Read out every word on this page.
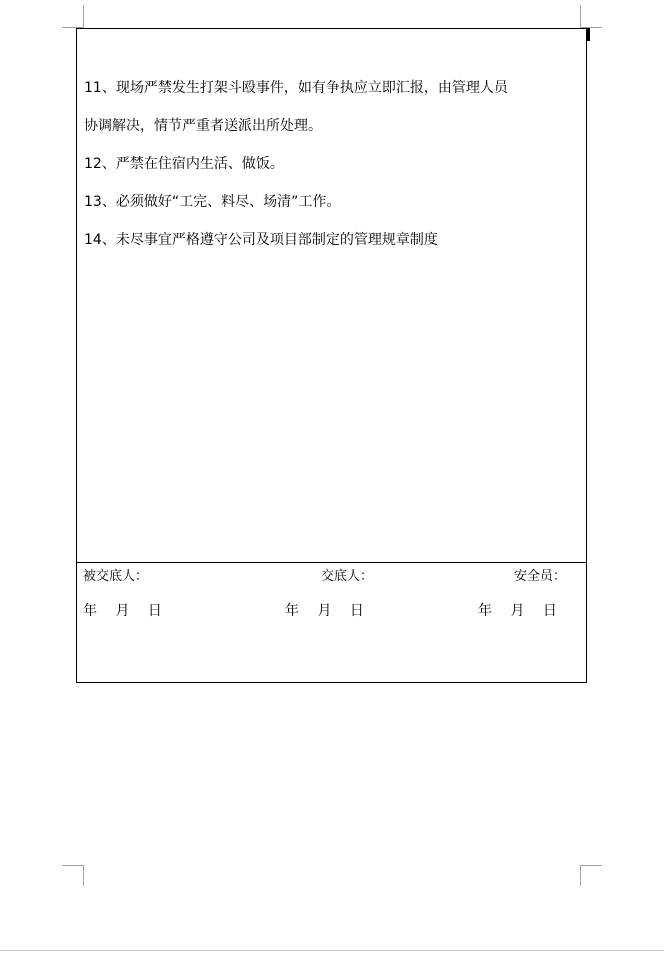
11、现场严禁发生打架斗殴事件，如有争执应立即汇报，由管理人员
协调解决，情节严重者送派出所处理。
12、严禁在住宿内生活、做饭。
13、必须做好“工完、料尽、场清”工作。
14、未尽事宜严格遵守公司及项目部制定的管理规章制度
被交底人：	交底人：	安全员：
年 月 日	年 月 日	年 月 日
